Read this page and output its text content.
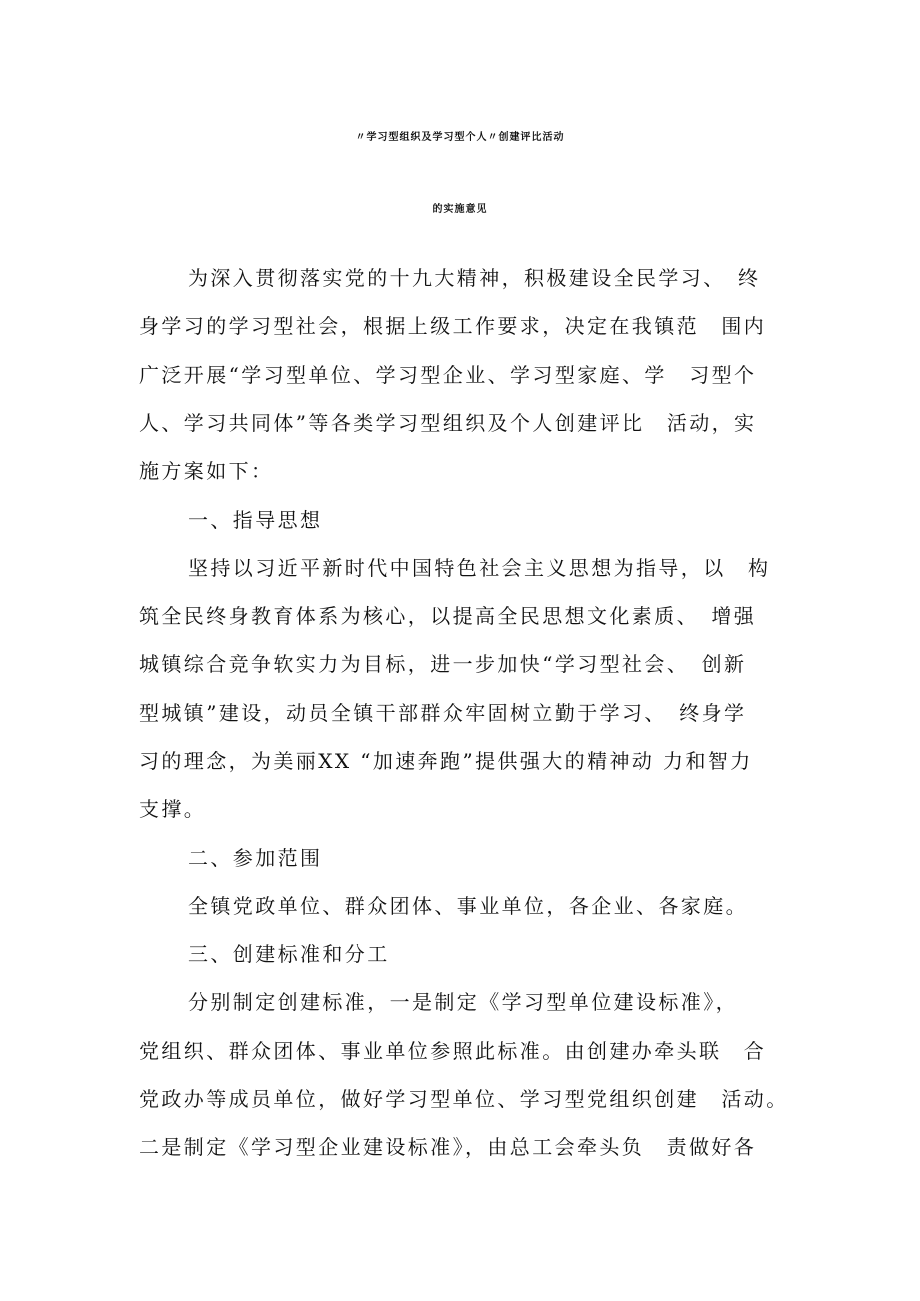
〃学习型组织及学习型个人〃创建评比活动
的实施意见
为深入贯彻落实党的十九大精神，积极建设全民学习、　终
身学习的学习型社会，根据上级工作要求，决定在我镇范　围内
广泛开展“学习型单位、学习型企业、学习型家庭、学　习型个
人、学习共同体”等各类学习型组织及个人创建评比　活动，实
施方案如下：
一、指导思想
坚持以习近平新时代中国特色社会主义思想为指导，以　构
筑全民终身教育体系为核心，以提高全民思想文化素质、　增强
城镇综合竞争软实力为目标，进一步加快“学习型社会、　创新
型城镇”建设，动员全镇干部群众牢固树立勤于学习、　终身学
习的理念，为美丽XX “加速奔跑”提供强大的精神动 力和智力
支撑。
二、参加范围
全镇党政单位、群众团体、事业单位，各企业、各家庭。
三、创建标准和分工
分别制定创建标准，一是制定《学习型单位建设标准》，
党组织、群众团体、事业单位参照此标准。由创建办牵头联　合
党政办等成员单位，做好学习型单位、学习型党组织创建　活动。
二是制定《学习型企业建设标准》，由总工会牵头负　责做好各
